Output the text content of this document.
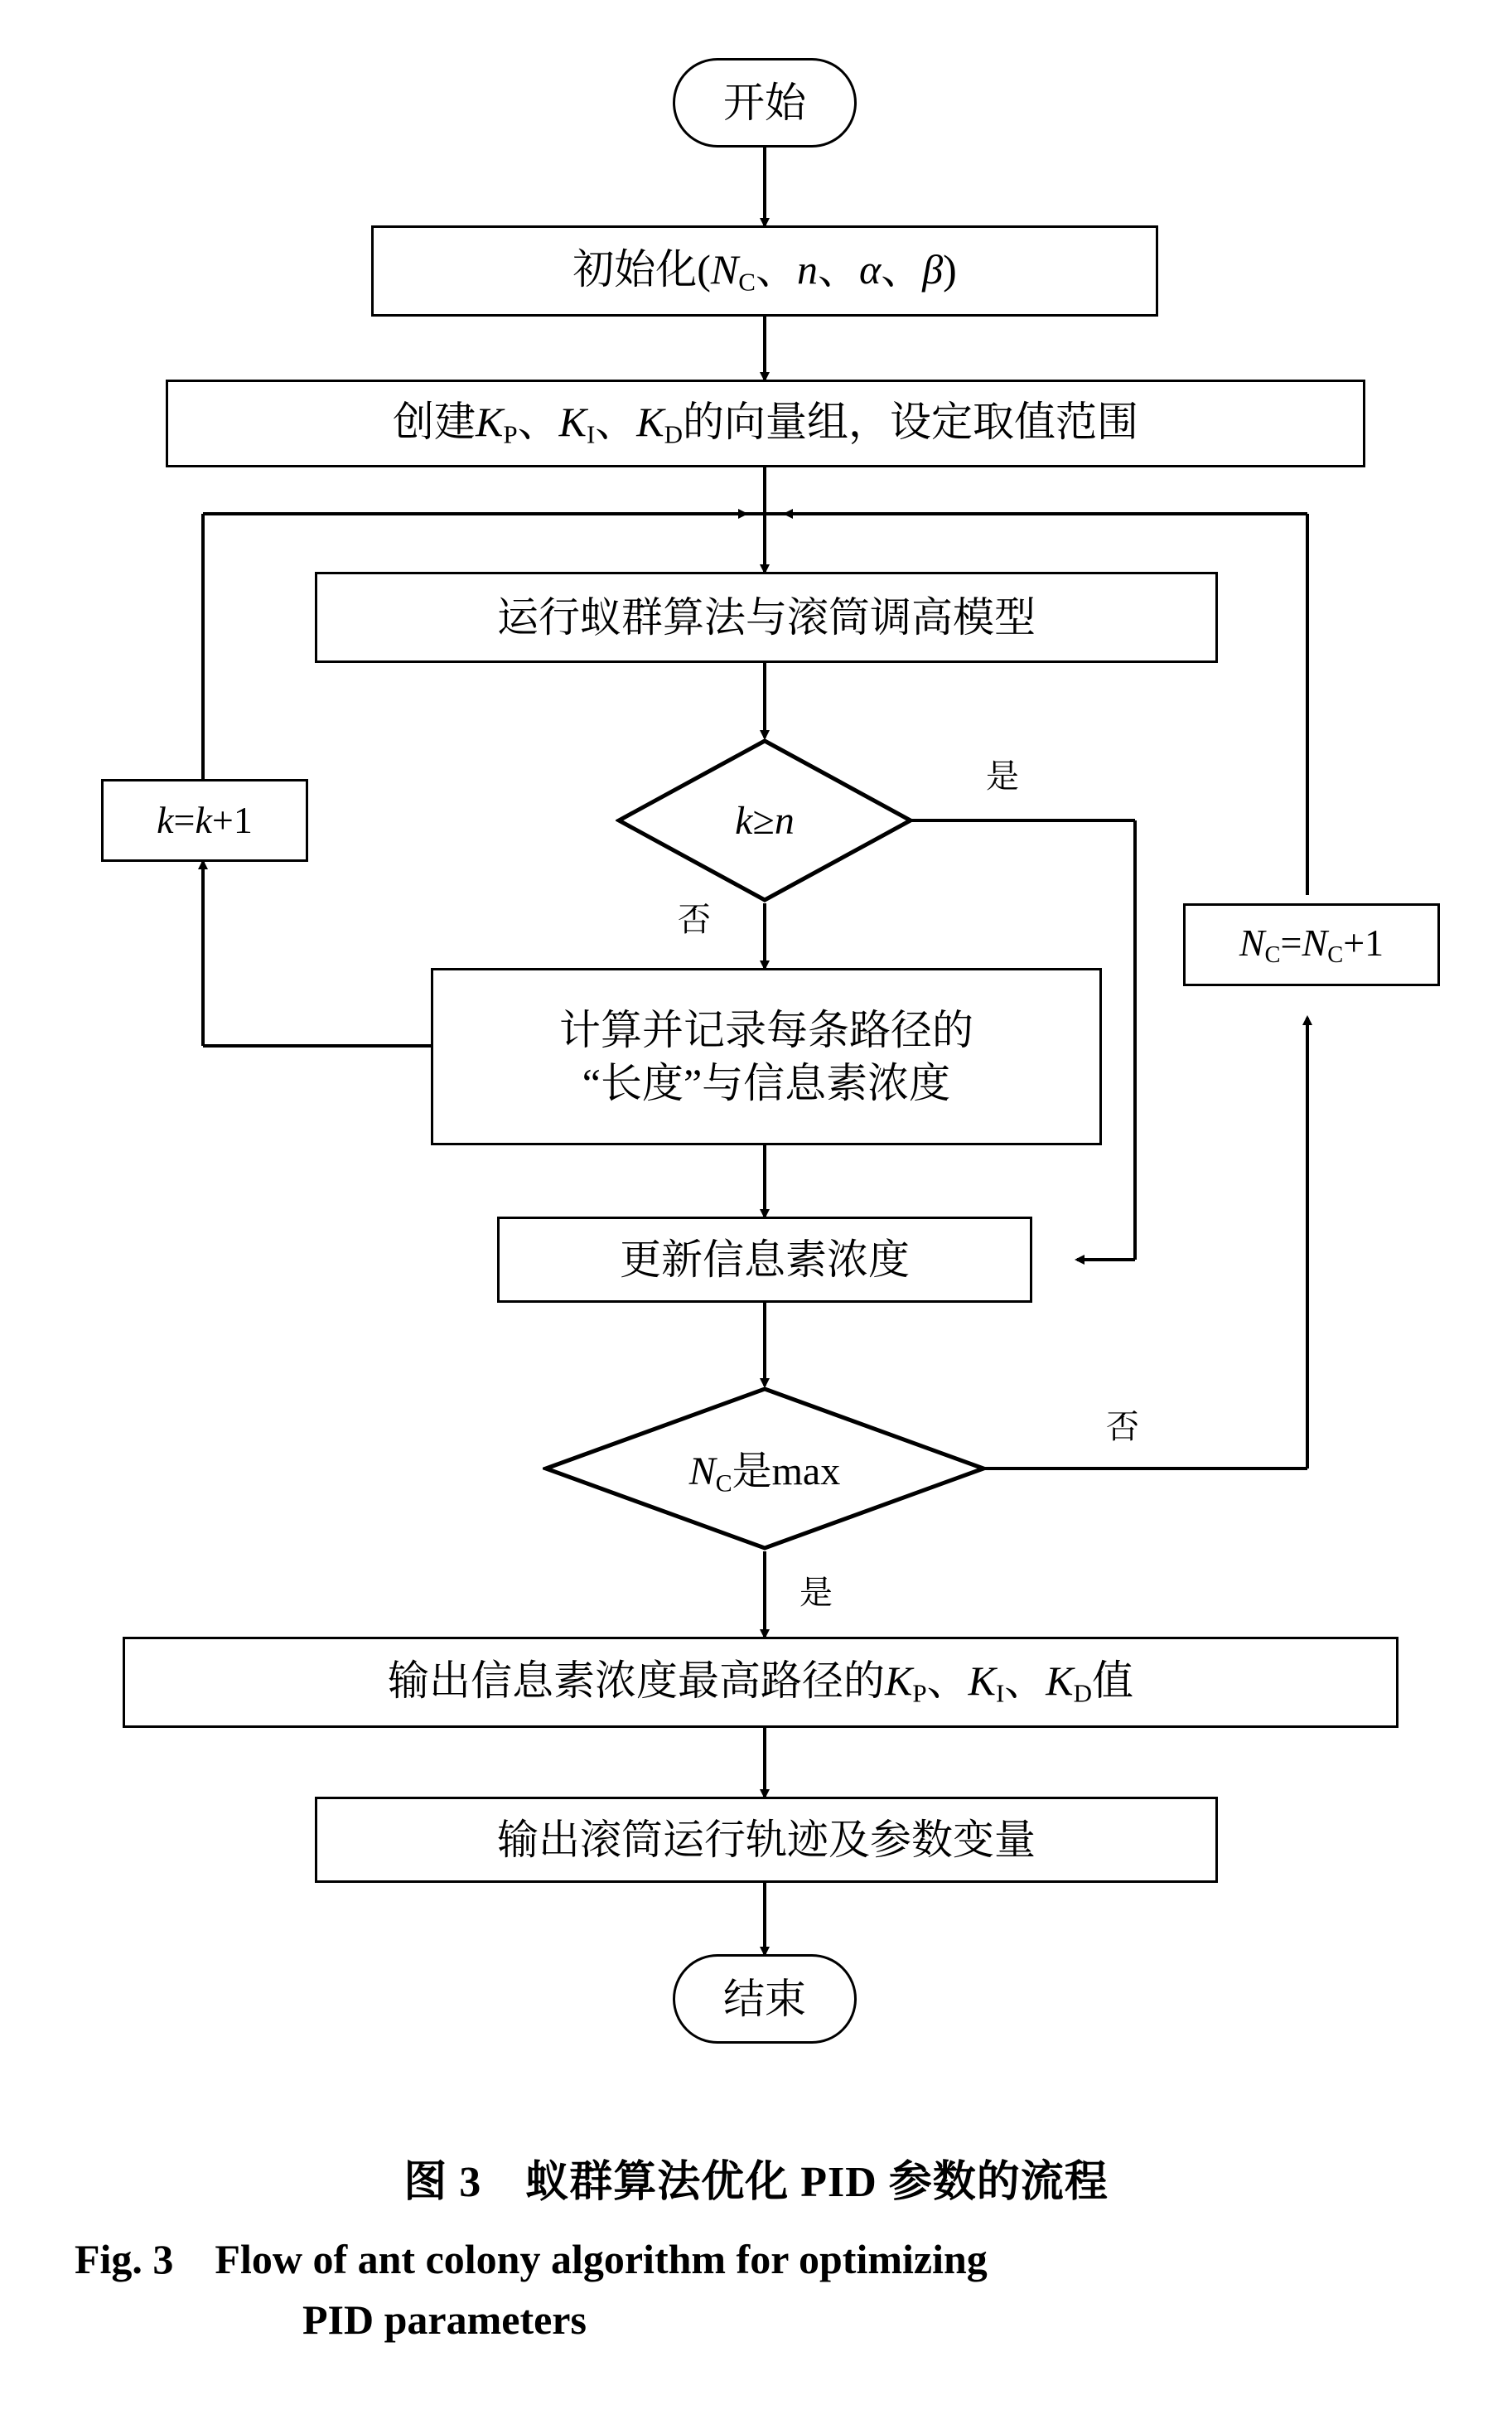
开始
初始化($N_C$、n、α、β)
创建$K_P$、$K_I$、$K_D$的向量组，设定取值范围
运行蚁群算法与滚筒调高模型
k ≥ n
k=k+1
$N_C=N_C+1$
计算并记录每条路径的
“长度”与信息素浓度
更新信息素浓度
$N_C$是max
输出信息素浓度最高路径的$K_P$、$K_I$、$K_D$值
输出滚筒运行轨迹及参数变量
结束
是
否
否
是
图 3 蚁群算法优化 PID 参数的流程
Fig. 3 Flow of ant colony algorithm for optimizing
PID parameters
